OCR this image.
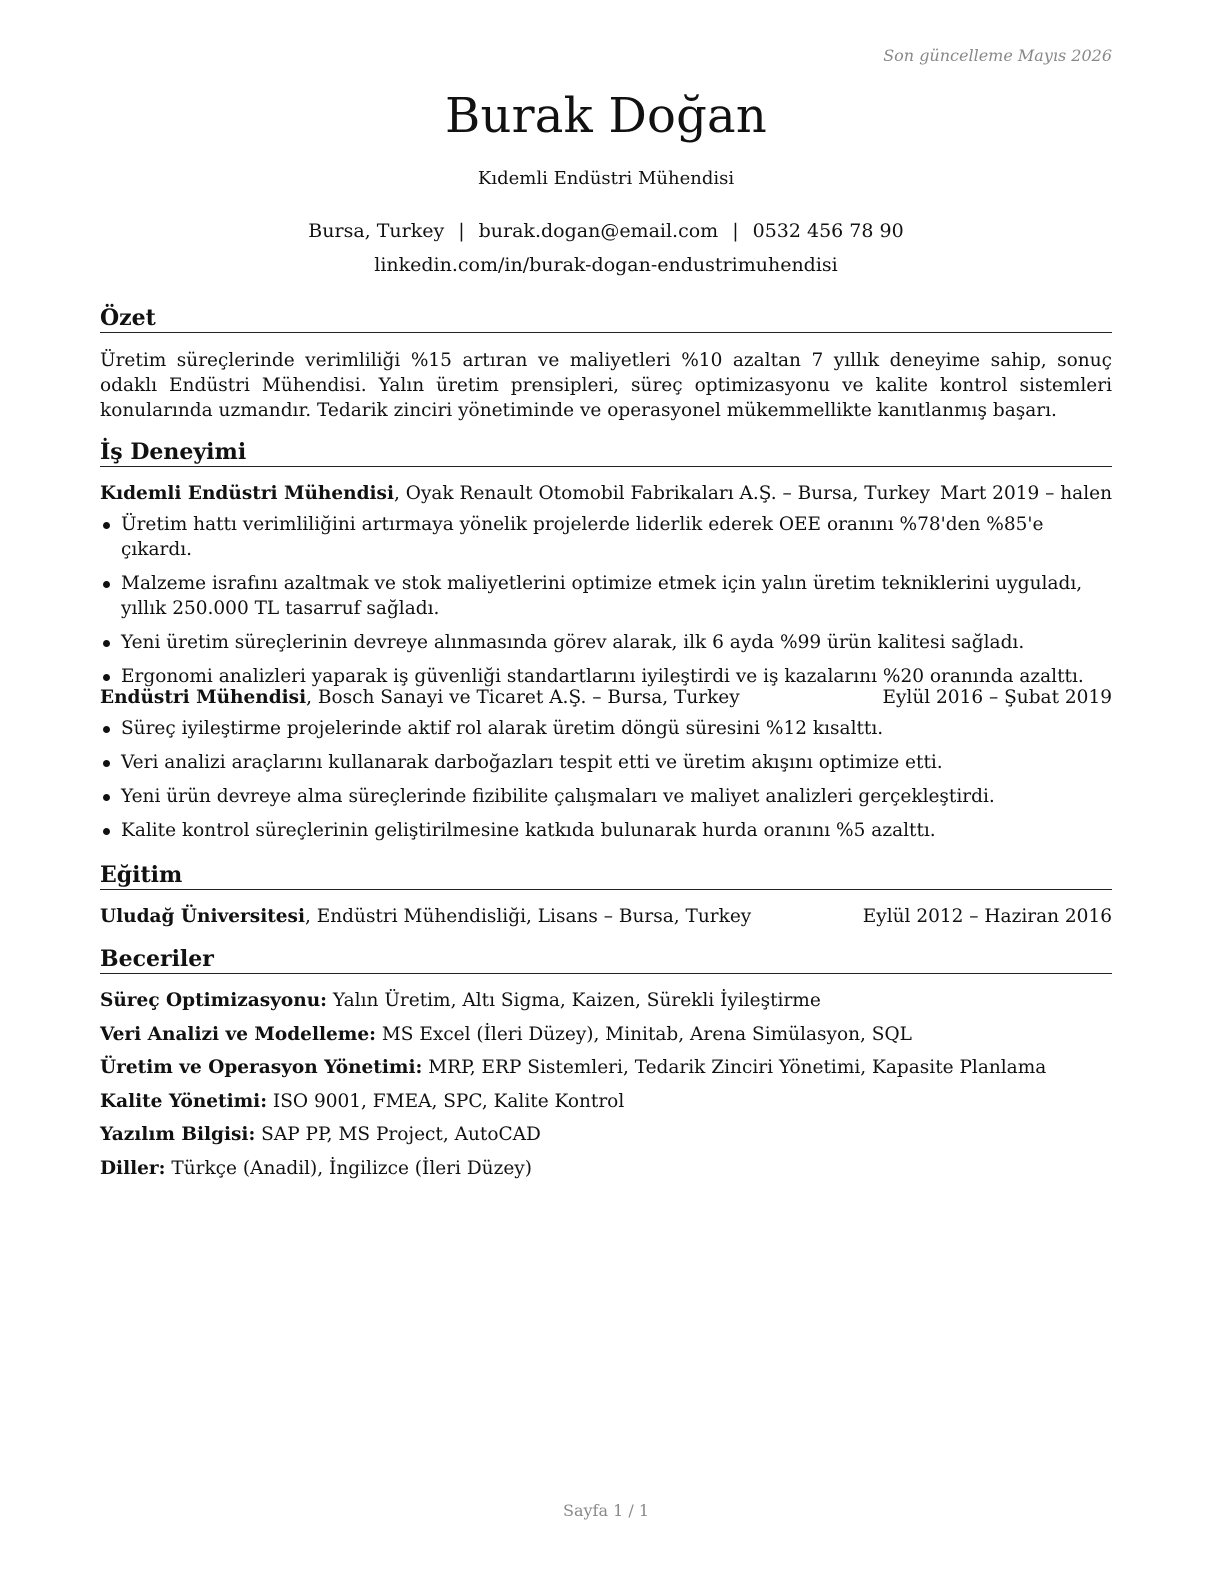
Son güncelleme Mayıs 2026
Burak Doğan
Kıdemli Endüstri Mühendisi
Bursa, Turkey | burak.dogan@email.com | 0532 456 78 90
linkedin.com/in/burak-dogan-endustrimuhendisi
Özet
Üretim süreçlerinde verimliliği %15 artıran ve maliyetleri %10 azaltan 7 yıllık deneyime sahip, sonuç odaklı Endüstri Mühendisi. Yalın üretim prensipleri, süreç optimizasyonu ve kalite kontrol sistemleri konularında uzmandır. Tedarik zinciri yönetiminde ve operasyonel mükemmellikte kanıtlanmış başarı.
İş Deneyimi
Kıdemli Endüstri Mühendisi, Oyak Renault Otomobil Fabrikaları A.Ş. – Bursa, Turkey Mart 2019 – halen
Üretim hattı verimliliğini artırmaya yönelik projelerde liderlik ederek OEE oranını %78'den %85'e çıkardı.
Malzeme israfını azaltmak ve stok maliyetlerini optimize etmek için yalın üretim tekniklerini uyguladı, yıllık 250.000 TL tasarruf sağladı.
Yeni üretim süreçlerinin devreye alınmasında görev alarak, ilk 6 ayda %99 ürün kalitesi sağladı.
Ergonomi analizleri yaparak iş güvenliği standartlarını iyileştirdi ve iş kazalarını %20 oranında azalttı.
Endüstri Mühendisi, Bosch Sanayi ve Ticaret A.Ş. – Bursa, Turkey	Eylül 2016 – Şubat 2019
Süreç iyileştirme projelerinde aktif rol alarak üretim döngü süresini %12 kısalttı.
Veri analizi araçlarını kullanarak darboğazları tespit etti ve üretim akışını optimize etti.
Yeni ürün devreye alma süreçlerinde fizibilite çalışmaları ve maliyet analizleri gerçekleştirdi.
Kalite kontrol süreçlerinin geliştirilmesine katkıda bulunarak hurda oranını %5 azalttı.
Eğitim
Uludağ Üniversitesi, Endüstri Mühendisliği, Lisans – Bursa, Turkey	Eylül 2012 – Haziran 2016
Beceriler
Süreç Optimizasyonu: Yalın Üretim, Altı Sigma, Kaizen, Sürekli İyileştirme
Veri Analizi ve Modelleme: MS Excel (İleri Düzey), Minitab, Arena Simülasyon, SQL
Üretim ve Operasyon Yönetimi: MRP, ERP Sistemleri, Tedarik Zinciri Yönetimi, Kapasite Planlama
Kalite Yönetimi: ISO 9001, FMEA, SPC, Kalite Kontrol
Yazılım Bilgisi: SAP PP, MS Project, AutoCAD
Diller: Türkçe (Anadil), İngilizce (İleri Düzey)
Sayfa 1 / 1
